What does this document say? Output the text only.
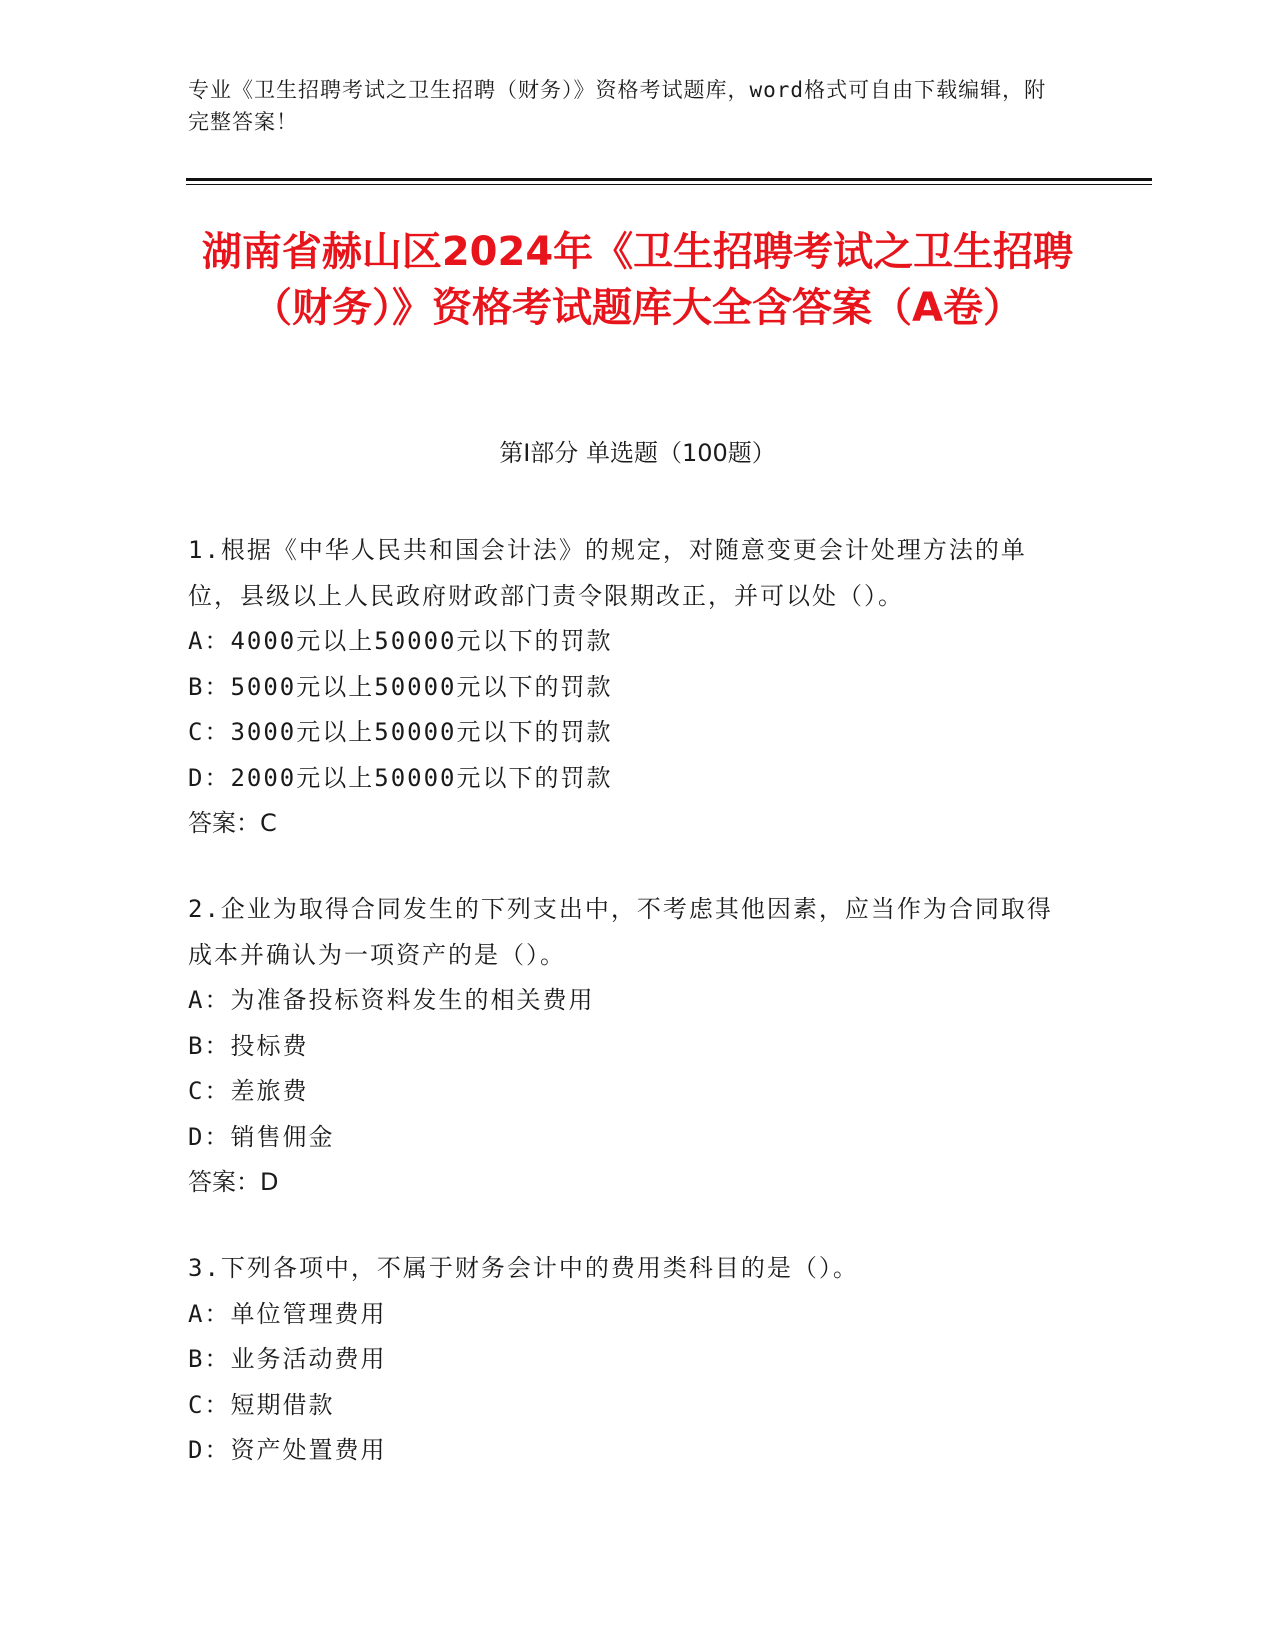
专业《卫生招聘考试之卫生招聘（财务）》资格考试题库，word格式可自由下载编辑，附完整答案！
湖南省赫山区2024年《卫生招聘考试之卫生招聘（财务）》资格考试题库大全含答案（A卷）
第Ⅰ部分 单选题（100题）
1.根据《中华人民共和国会计法》的规定，对随意变更会计处理方法的单位，县级以上人民政府财政部门责令限期改正，并可以处（）。
A：4000元以上50000元以下的罚款
B：5000元以上50000元以下的罚款
C：3000元以上50000元以下的罚款
D：2000元以上50000元以下的罚款
答案：C
2.企业为取得合同发生的下列支出中，不考虑其他因素，应当作为合同取得成本并确认为一项资产的是（）。
A：为准备投标资料发生的相关费用
B：投标费
C：差旅费
D：销售佣金
答案：D
3.下列各项中，不属于财务会计中的费用类科目的是（）。
A：单位管理费用
B：业务活动费用
C：短期借款
D：资产处置费用
